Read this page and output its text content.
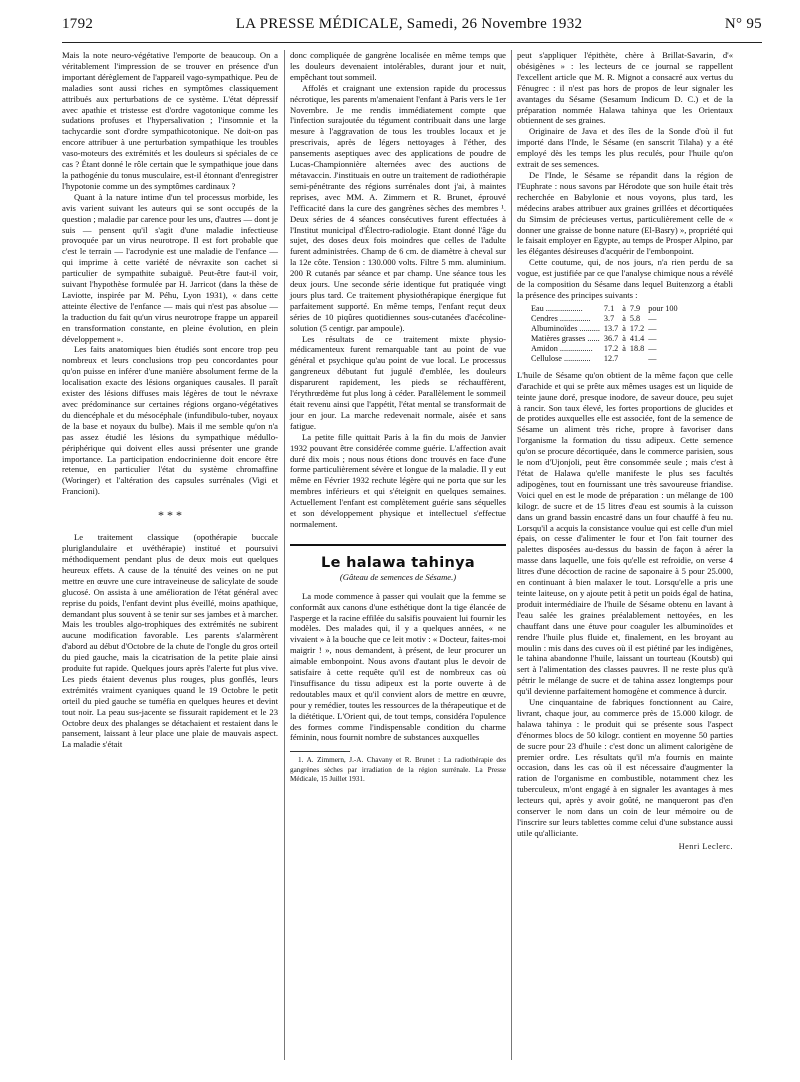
1792	LA PRESSE MÉDICALE, Samedi, 26 Novembre 1932	N° 95

Mais la note neuro-végétative l'emporte de beaucoup. On a véritablement l'impression de se trouver en présence d'un important dérèglement de l'appareil vago-sympathique. Peu de maladies sont aussi riches en symptômes classiquement attribués aux perturbations de ce système. L'état dépressif avec apathie et tristesse est d'ordre vagotonique comme les sudations profuses et l'hypersalivation ; l'insomnie et la tachycardie sont d'ordre sympathicotonique. Ne doit-on pas encore attribuer à une perturbation sympathique les troubles vaso-moteurs des extrémités et les douleurs si spéciales de ce cas ? Étant donné le rôle certain que le sympathique joue dans la pathogénie du tonus musculaire, est-il étonnant d'enregistrer l'hypotonie comme un des symptômes cardinaux ?

Quant à la nature intime d'un tel processus morbide, les avis varient suivant les auteurs qui se sont occupés de la question ; maladie par carence pour les uns, d'autres — dont je suis — pensent qu'il s'agit d'une maladie infectieuse provoquée par un virus neurotrope. Il est fort probable que c'est le terrain — l'acrodynie est une maladie de l'enfance — qui imprime à cette variété de névraxite son cachet si particulier de sympathite subaiguë. Peut-être faut-il voir, suivant l'hypothèse formulée par H. Jarricot (dans la thèse de Laviotte, inspirée par M. Péhu, Lyon 1931), « dans cette atteinte élective de l'enfance — mais qui n'est pas absolue — la traduction du fait qu'un virus neurotrope frappe un appareil en transformation constante, en pleine évolution, en plein développement ».

Les faits anatomiques bien étudiés sont encore trop peu nombreux et leurs conclusions trop peu concordantes pour qu'on puisse en inférer d'une manière absolument ferme de la localisation exacte des lésions organiques causales. Il paraît exister des lésions diffuses mais légères de tout le névraxe avec prédominance sur certaines régions organo-végétatives du diencéphale et du mésocéphale (infundibulo-tuber, noyaux de la base et noyaux du bulbe). Mais il me semble qu'on n'a pas assez étudié les lésions du sympathique médullo-périphérique qui doivent elles aussi présenter une grande importance. La participation endocrinienne doit encore être retenue, en particulier l'état du système chromaffine (Woringer) et l'altération des capsules surrénales (Vigi et Francioni).

* * *

Le traitement classique (opothérapie buccale pluriglandulaire et uvéthérapie) institué et poursuivi méthodiquement pendant plus de deux mois eut quelques heureux effets. A cause de la ténuité des veines on ne put mettre en œuvre une cure intraveineuse de salicylate de soude glucosé. On assista à une amélioration de l'état général avec reprise du poids, l'enfant devint plus éveillé, moins apathique, demandant plus souvent à se tenir sur ses jambes et à marcher. Mais les troubles algo-trophiques des extrémités ne subirent aucune modification favorable. Les parents s'alarmèrent d'abord au début d'Octobre de la chute de l'ongle du gros orteil du pied gauche, mais la cicatrisation de la petite plaie ainsi produite fut rapide. Quelques jours après l'alerte fut plus vive. Les pieds étaient devenus plus rouges, plus gonflés, leurs extrémités vraiment cyaniques quand le 19 Octobre le petit orteil du pied gauche se tuméfia en quelques heures et devint tout noir. La peau sus-jacente se fissurait rapidement et le 23 Octobre deux des phalanges se détachaient et restaient dans le pansement, laissant à leur place une plaie de mauvais aspect. La maladie s'était

donc compliquée de gangrène localisée en même temps que les douleurs devenaient intolérables, durant jour et nuit, empêchant tout sommeil.

Affolés et craignant une extension rapide du processus nécrotique, les parents m'amenaient l'enfant à Paris vers le 1er Novembre. Je me rendis immédiatement compte que l'infection surajoutée du tégument contribuait dans une large mesure à l'aggravation de tous les troubles locaux et je prescrivais, après de légers nettoyages à l'éther, des pansements aseptiques avec des applications de poudre de Lucas-Championnière alternées avec des auctions de métavaccin. J'instituais en outre un traitement de radiothérapie semi-pénétrante des régions surrénales dont j'ai, à maintes reprises, avec MM. A. Zimmern et R. Brunet, éprouvé l'efficacité dans la cure des gangrènes sèches des membres ¹. Deux séries de 4 séances consécutives furent effectuées à l'Institut municipal d'Électro-radiologie. Etant donné l'âge du sujet, des doses deux fois moindres que celles de l'adulte furent administrées. Champ de 6 cm. de diamètre à cheval sur la 12e côte. Tension : 130.000 volts. Filtre 5 mm. aluminium. 200 R cutanés par séance et par champ. Une séance tous les deux jours. Une seconde série identique fut pratiquée vingt jours plus tard. Ce traitement physiothérapique énergique fut parfaitement supporté. En même temps, l'enfant reçut deux séries de 10 piqûres quotidiennes sous-cutanées d'acécoline-solution (5 centigr. par ampoule).

Les résultats de ce traitement mixte physio-médicamenteux furent remarquable tant au point de vue général et psychique qu'au point de vue local. Le processus gangreneux débutant fut jugulé d'emblée, les douleurs disparurent rapidement, les pieds se réchauffèrent, l'érythrœdème fut plus long à céder. Parallèlement le sommeil était revenu ainsi que l'appétit, l'état mental se transformait de jour en jour. La marche redevenait normale, aisée et sans fatigue.

La petite fille quittait Paris à la fin du mois de Janvier 1932 pouvant être considérée comme guérie. L'affection avait duré dix mois ; nous nous étions donc trouvés en face d'une forme particulièrement sévère et longue de la maladie. Il y eut même en Février 1932 rechute légère qui ne porta que sur les membres inférieurs et qui s'éteignit en quelques semaines. Actuellement l'enfant est complètement guérie sans séquelles et son développement physique et intellectuel s'effectue normalement.

Le halawa tahinya
(Gâteau de semences de Sésame.)

La mode commence à passer qui voulait que la femme se conformât aux canons d'une esthétique dont la tige élancée de l'asperge et la racine effilée du salsifis pouvaient lui fournir les modèles. Des malades qui, il y a quelques années, « ne vivaient » à la bouche que ce leit motiv : « Docteur, faites-moi maigrir ! », nous demandent, à présent, de leur procurer un aimable embonpoint. Nous avons d'autant plus le devoir de satisfaire à cette requête qu'il est de nombreux cas où l'insuffisance du tissu adipeux est la porte ouverte à de redoutables maux et qu'il convient alors de mettre en œuvre, pour y remédier, toutes les ressources de la thérapeutique et de la diététique. L'Orient qui, de tout temps, considéra l'opulence des formes comme l'indispensable condition du charme féminin, nous fournit nombre de substances auxquelles

1. A. Zimmern, J.-A. Chavany et R. Brunet : La radiothérapie des gangrènes sèches par irradiation de la région surrénale. La Presse Médicale, 15 Juillet 1931.

peut s'appliquer l'épithète, chère à Brillat-Savarin, d'« obésigènes » : les lecteurs de ce journal se rappellent l'excellent article que M. R. Mignot a consacré aux vertus du Fénugrec : il n'est pas hors de propos de leur signaler les avantages du Sésame (Sesamum Indicum D. C.) et de la préparation nommée Halawa tahinya que les Orientaux obtiennent de ses graines.

Originaire de Java et des îles de la Sonde d'où il fut importé dans l'Inde, le Sésame (en sanscrit Tilaha) y a été employé dès les temps les plus reculés, pour l'huile qu'on extrait de ses semences.

De l'Inde, le Sésame se répandit dans la région de l'Euphrate : nous savons par Hérodote que son huile était très recherchée en Babylonie et nous voyons, plus tard, les médecins arabes attribuer aux graines grillées et décortiquées du Simsim de précieuses vertus, particulièrement celle de « donner une graisse de bonne nature (El-Basry) », propriété qui le faisait employer en Egypte, au temps de Prosper Alpino, par les élégantes désireuses d'acquérir de l'embonpoint.

Cette coutume, qui, de nos jours, n'a rien perdu de sa vogue, est justifiée par ce que l'analyse chimique nous a révélé de la composition du Sésame dans lequel Buitenzorg a établi la présence des principes suivants :

Eau ..................	7.1	à	7.9	pour 100
Cendres ...............	3.7	à	5.8	—
Albuminoïdes ..........	13.7	à	17.2	—
Matières grasses ......	36.7	à	41.4	—
Amidon ................	17.2	à	18.8	—
Cellulose .............	12.7			—

L'huile de Sésame qu'on obtient de la même façon que celle d'arachide et qui se prête aux mêmes usages est un liquide de teinte jaune doré, presque inodore, de saveur douce, peu sujet à rancir. Son taux élevé, les fortes proportions de glucides et de protides auxquelles elle est associée, font de la semence de Sésame un aliment très riche, propre à favoriser dans l'organisme la formation du tissu adipeux. Cette semence qu'on se procure décortiquée, dans le commerce parisien, sous le nom d'Ujonjoli, peut être consommée seule ; mais c'est à l'état de Halawa qu'elle manifeste le plus ses facultés adipogènes, tout en fournissant une très savoureuse friandise. Voici quel en est le mode de préparation : un mélange de 100 kilogr. de sucre et de 15 litres d'eau est soumis à la cuisson dans un grand bassin encastré dans un four chauffé à feu nu. Lorsqu'il a acquis la consistance voulue qui est celle d'un miel épais, on cesse d'alimenter le four et l'on fait tourner des palettes disposées au-dessus du bassin de façon à aérer la masse dans laquelle, une fois qu'elle est refroidie, on verse 4 litres d'une décoction de racine de saponaire à 5 pour 25.000, en continuant à bien malaxer le tout. Lorsqu'elle a pris une teinte laiteuse, on y ajoute petit à petit un poids égal de hatina, produit intermédiaire de l'huile de Sésame obtenu en lavant à l'eau salée les graines préalablement nettoyées, en les chauffant dans une étuve pour coaguler les albuminoïdes et rendre l'huile plus fluide et, finalement, en les broyant au moulin : mis dans des cuves où il est piétiné par les indigènes, le tahina abandonne l'huile, laissant un tourteau (Koutsb) qui sert à l'alimentation des classes pauvres. Il ne reste plus qu'à pétrir le mélange de sucre et de tahina assez longtemps pour qu'il devienne parfaitement homogène et commence à durcir.

Une cinquantaine de fabriques fonctionnent au Caire, livrant, chaque jour, au commerce près de 15.000 kilogr. de halawa tahinya : le produit qui se présente sous l'aspect d'énormes blocs de 50 kilogr. contient en moyenne 50 parties de sucre pour 23 d'huile : c'est donc un aliment calorigène de premier ordre. Les résultats qu'il m'a fournis en mainte occasion, dans les cas où il est nécessaire d'augmenter la ration de l'organisme en combustible, notamment chez les tuberculeux, m'ont engagé à en signaler les avantages à mes lecteurs qui, après y avoir goûté, ne manqueront pas d'en conserver le nom dans un coin de leur mémoire ou de l'inscrire sur leurs tablettes comme celui d'une substance aussi utile qu'alliciante.

Henri Leclerc.
